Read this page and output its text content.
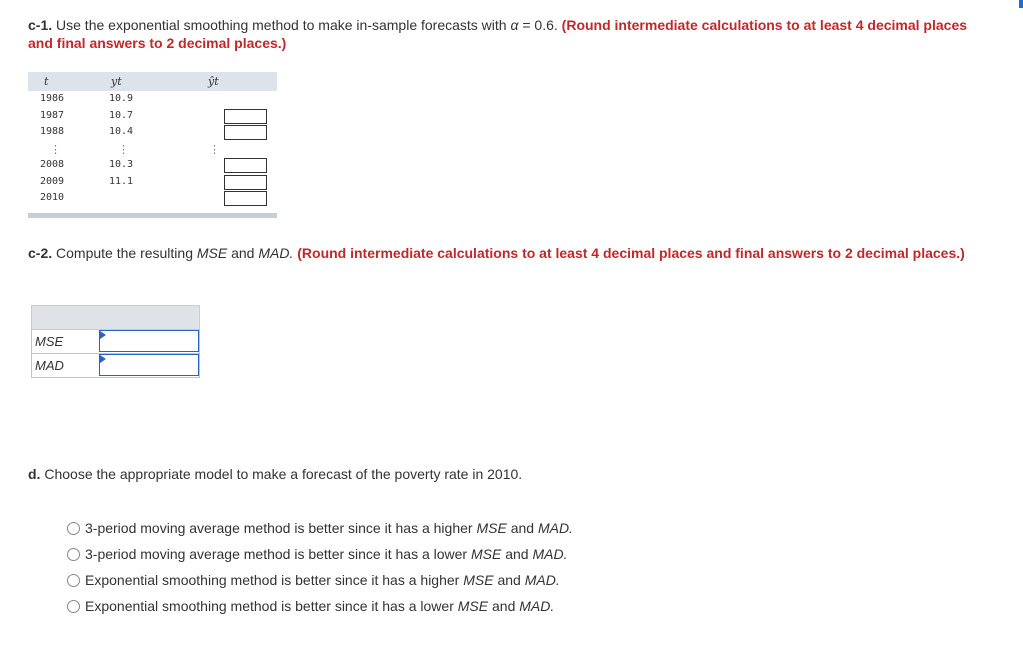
c-1. Use the exponential smoothing method to make in-sample forecasts with α = 0.6. (Round intermediate calculations to at least 4 decimal places and final answers to 2 decimal places.)
t	yt	ŷt
1986	10.9
1987	10.7
1988	10.4
⋮	⋮	⋮
2008	10.3
2009	11.1
2010
c-2. Compute the resulting MSE and MAD. (Round intermediate calculations to at least 4 decimal places and final answers to 2 decimal places.)
MSE
MAD
d. Choose the appropriate model to make a forecast of the poverty rate in 2010.
3-period moving average method is better since it has a higher
MSE
and
MAD.
3-period moving average method is better since it has a lower
MSE
and
MAD.
Exponential smoothing method is better since it has a higher
MSE
and
MAD.
Exponential smoothing method is better since it has a lower
MSE
and
MAD.
